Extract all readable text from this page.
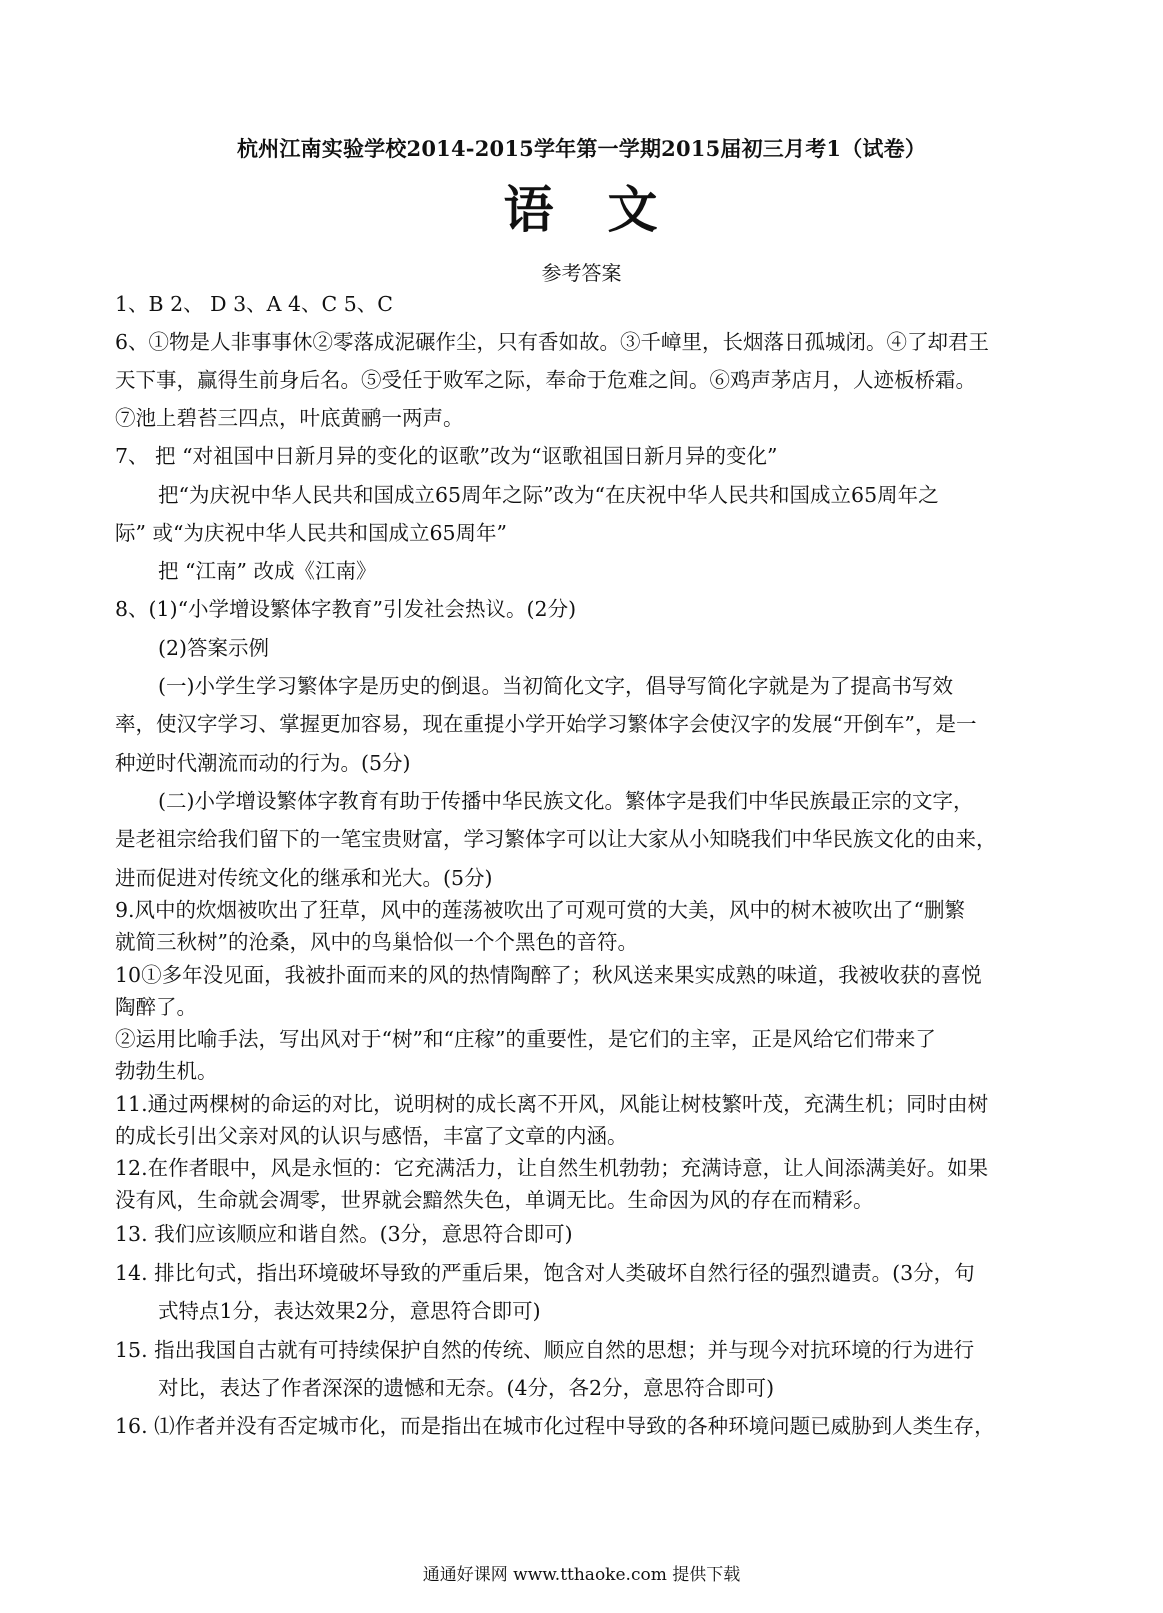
杭州江南实验学校2014-2015学年第一学期2015届初三月考1（试卷）
语　文
参考答案
1、B 2、 D 3、A 4、C 5、C
6、①物是人非事事休②零落成泥碾作尘，只有香如故。③千嶂里，长烟落日孤城闭。④了却君王
天下事，赢得生前身后名。⑤受任于败军之际，奉命于危难之间。⑥鸡声茅店月，人迹板桥霜。
⑦池上碧苔三四点，叶底黄鹂一两声。
7、 把 “对祖国中日新月异的变化的讴歌”改为“讴歌祖国日新月异的变化”
把“为庆祝中华人民共和国成立65周年之际”改为“在庆祝中华人民共和国成立65周年之
际” 或“为庆祝中华人民共和国成立65周年”
把 “江南” 改成《江南》
8、(1)“小学增设繁体字教育”引发社会热议。(2分)
(2)答案示例
(一)小学生学习繁体字是历史的倒退。当初简化文字，倡导写简化字就是为了提高书写效
率，使汉字学习、掌握更加容易，现在重提小学开始学习繁体字会使汉字的发展“开倒车”，是一
种逆时代潮流而动的行为。(5分)
(二)小学增设繁体字教育有助于传播中华民族文化。繁体字是我们中华民族最正宗的文字，
是老祖宗给我们留下的一笔宝贵财富，学习繁体字可以让大家从小知晓我们中华民族文化的由来，
进而促进对传统文化的继承和光大。(5分)
9.风中的炊烟被吹出了狂草，风中的莲荡被吹出了可观可赏的大美，风中的树木被吹出了“删繁
就简三秋树”的沧桑，风中的鸟巢恰似一个个黑色的音符。
10①多年没见面，我被扑面而来的风的热情陶醉了；秋风送来果实成熟的味道，我被收获的喜悦
陶醉了。
②运用比喻手法，写出风对于“树”和“庄稼”的重要性，是它们的主宰，正是风给它们带来了
勃勃生机。
11.通过两棵树的命运的对比，说明树的成长离不开风，风能让树枝繁叶茂，充满生机；同时由树
的成长引出父亲对风的认识与感悟，丰富了文章的内涵。
12.在作者眼中，风是永恒的：它充满活力，让自然生机勃勃；充满诗意，让人间添满美好。如果
没有风，生命就会凋零，世界就会黯然失色，单调无比。生命因为风的存在而精彩。
13. 我们应该顺应和谐自然。(3分，意思符合即可)
14. 排比句式，指出环境破坏导致的严重后果，饱含对人类破坏自然行径的强烈谴责。(3分，句
式特点1分，表达效果2分，意思符合即可)
15. 指出我国自古就有可持续保护自然的传统、顺应自然的思想；并与现今对抗环境的行为进行
对比，表达了作者深深的遗憾和无奈。(4分，各2分，意思符合即可)
16. ⑴作者并没有否定城市化，而是指出在城市化过程中导致的各种环境问题已威胁到人类生存，
通通好课网 www.tthaoke.com 提供下载
